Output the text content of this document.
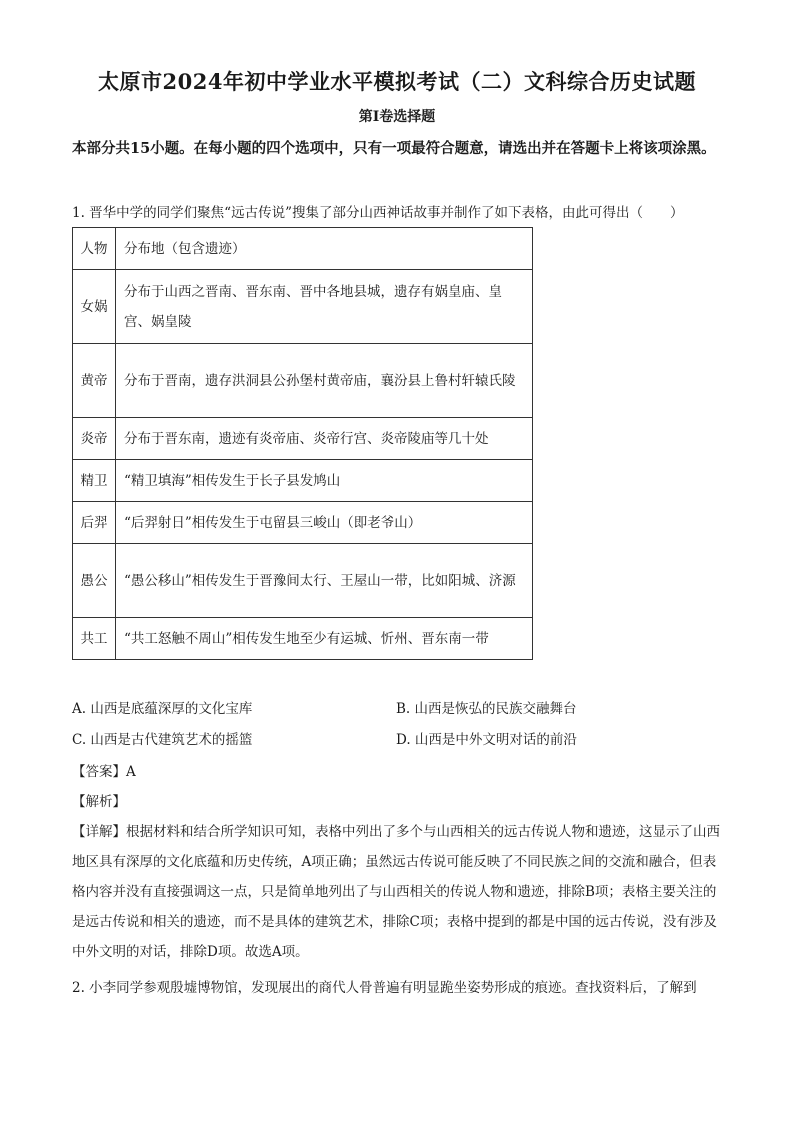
太原市2024年初中学业水平模拟考试（二）文科综合历史试题
第Ⅰ卷选择题
本部分共15小题。在每小题的四个选项中，只有一项最符合题意，请选出并在答题卡上将该项涂黑。
1. 晋华中学的同学们聚焦“远古传说”搜集了部分山西神话故事并制作了如下表格，由此可得出（　　）
人物	分布地（包含遗迹）
女娲	分布于山西之晋南、晋东南、晋中各地县城，遗存有娲皇庙、皇宫、娲皇陵
黄帝	分布于晋南，遗存洪洞县公孙堡村黄帝庙，襄汾县上鲁村轩辕氏陵
炎帝	分布于晋东南，遗迹有炎帝庙、炎帝行宫、炎帝陵庙等几十处
精卫	“精卫填海”相传发生于长子县发鸠山
后羿	“后羿射日”相传发生于屯留县三峻山（即老爷山）
愚公	“愚公移山”相传发生于晋豫间太行、王屋山一带，比如阳城、济源
共工	“共工怒触不周山”相传发生地至少有运城、忻州、晋东南一带
A. 山西是底蕴深厚的文化宝库	B. 山西是恢弘的民族交融舞台
C. 山西是古代建筑艺术的摇篮	D. 山西是中外文明对话的前沿
【答案】A
【解析】
【详解】根据材料和结合所学知识可知，表格中列出了多个与山西相关的远古传说人物和遗迹，这显示了山西地区具有深厚的文化底蕴和历史传统，A项正确；虽然远古传说可能反映了不同民族之间的交流和融合，但表格内容并没有直接强调这一点，只是简单地列出了与山西相关的传说人物和遗迹，排除B项；表格主要关注的是远古传说和相关的遗迹，而不是具体的建筑艺术，排除C项；表格中提到的都是中国的远古传说，没有涉及中外文明的对话，排除D项。故选A项。
2. 小李同学参观殷墟博物馆，发现展出的商代人骨普遍有明显跪坐姿势形成的痕迹。查找资料后，了解到
